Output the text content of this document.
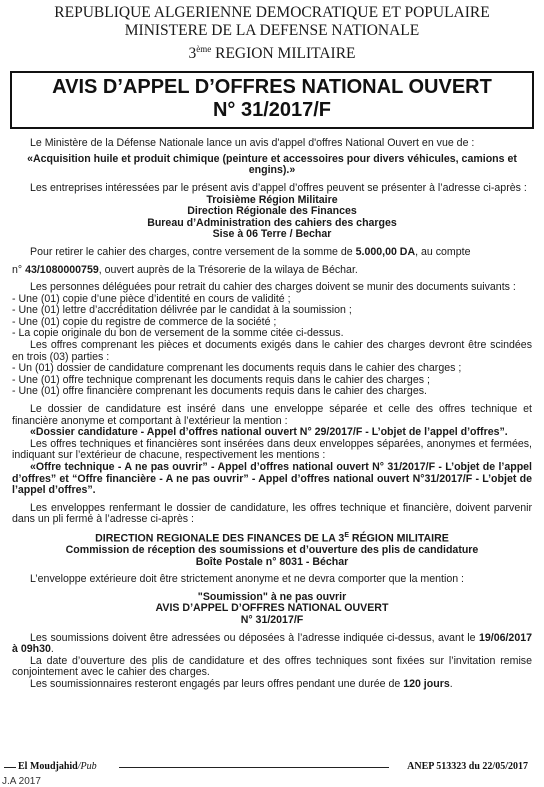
REPUBLIQUE ALGERIENNE DEMOCRATIQUE ET POPULAIRE
MINISTERE DE LA DEFENSE NATIONALE
3ème REGION MILITAIRE
AVIS D’APPEL D’OFFRES NATIONAL OUVERT
N° 31/2017/F

Le Ministère de la Défense Nationale lance un avis d'appel d'offres National Ouvert en vue de :

«Acquisition huile et produit chimique (peinture et accessoires pour divers véhicules, camions et engins).»

Les entreprises intéressées par le présent avis d’appel d’offres peuvent se présenter à l’adresse ci-après :

Troisième Région Militaire

Direction Régionale des Finances

Bureau d’Administration des cahiers des charges

Sise à 06 Terre / Bechar

Pour retirer le cahier des charges, contre versement de la somme de 5.000,00 DA, au compte

n° 43/1080000759, ouvert auprès de la Trésorerie de la wilaya de Béchar.

Les personnes déléguées pour retrait du cahier des charges doivent se munir des documents suivants :

- Une (01) copie d’une pièce d’identité en cours de validité ;

- Une (01) lettre d’accréditation délivrée par le candidat à la soumission ;

- Une (01) copie du registre de commerce de la société ;

- La copie originale du bon de versement de la somme citée ci-dessus.

Les offres comprenant les pièces et documents exigés dans le cahier des charges devront être scindées en trois (03) parties :

- Un (01) dossier de candidature comprenant les documents requis dans le cahier des charges ;

- Une (01) offre technique comprenant les documents requis dans le cahier des charges ;

- Une (01) offre financière comprenant les documents requis dans le cahier des charges.

Le dossier de candidature est inséré dans une enveloppe séparée et celle des offres technique et financière anonyme et comportant à l’extérieur la mention :

«Dossier candidature - Appel d’offres national ouvert N° 29/2017/F - L’objet de l’appel d’offres”.

Les offres techniques et financières sont insérées dans deux enveloppes séparées, anonymes et fermées, indiquant sur l’extérieur de chacune, respectivement les mentions :

«Offre technique - A ne pas ouvrir” - Appel d’offres national ouvert N° 31/2017/F - L’objet de l’appel d’offres” et “Offre financière - A ne pas ouvrir” - Appel d’offres national ouvert N°31/2017/F - L’objet de l’appel d’offres”.

Les enveloppes renfermant le dossier de candidature, les offres technique et financière, doivent parvenir dans un pli fermé à l’adresse ci-après :

DIRECTION REGIONALE DES FINANCES DE LA $3^E$ RÉGION MILITAIRE

Commission de réception des soumissions et d’ouverture des plis de candidature

Boîte Postale n° 8031 - Béchar

L’enveloppe extérieure doit être strictement anonyme et ne devra comporter que la mention :

"Soumission" à ne pas ouvrir

AVIS D’APPEL D’OFFRES NATIONAL OUVERT

N° 31/2017/F

Les soumissions doivent être adressées ou déposées à l’adresse indiquée ci-dessus, avant le 19/06/2017 à 09h30.

La date d’ouverture des plis de candidature et des offres techniques sont fixées sur l’invitation remise conjointement avec le cahier des charges.

Les soumissionnaires resteront engagés par leurs offres pendant une durée de 120 jours.

El Moudjahid/Pub	ANEP 513323 du 22/05/2017
J.A 2017
